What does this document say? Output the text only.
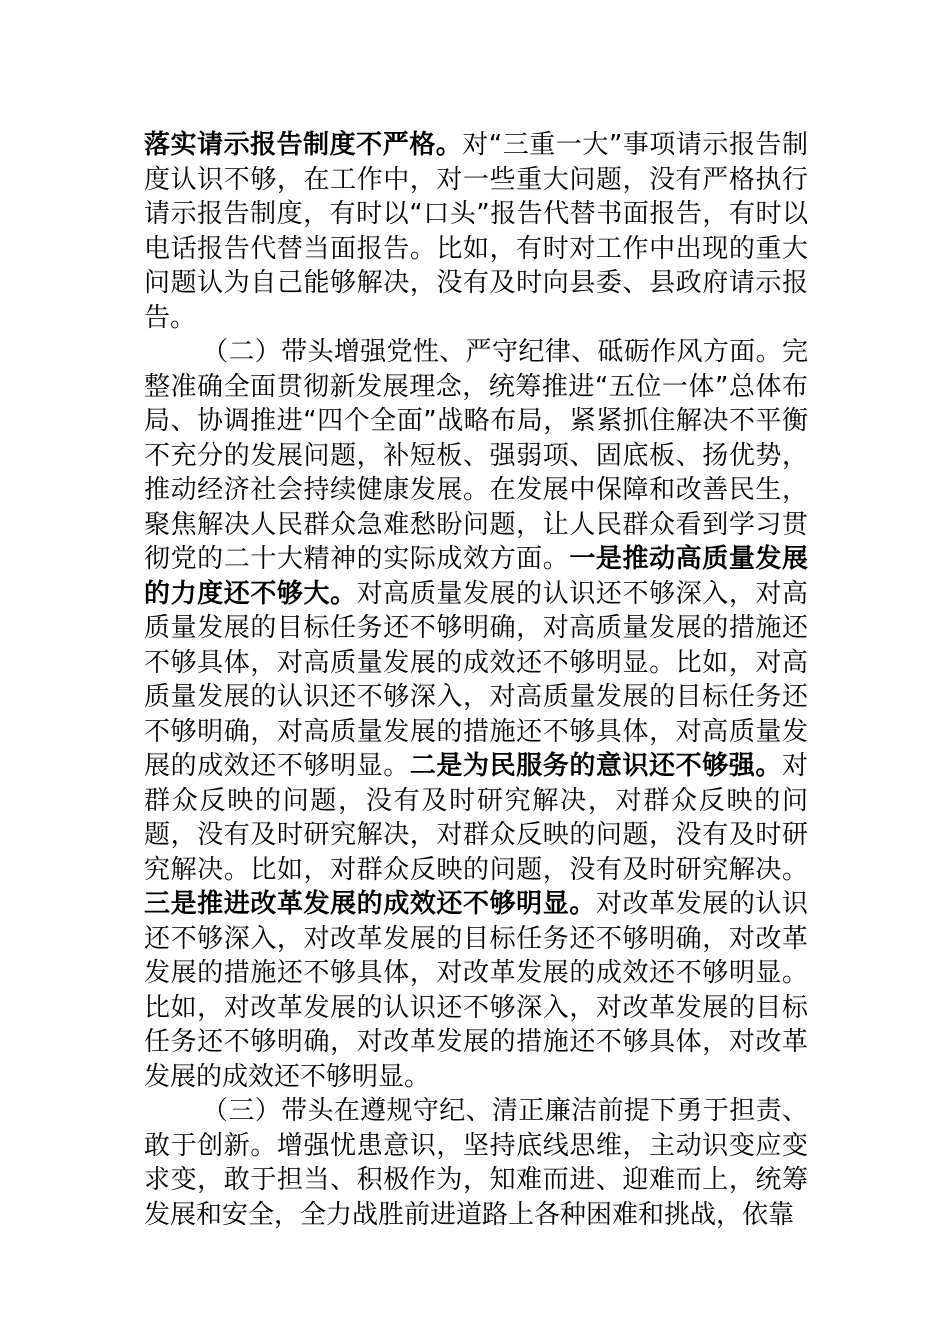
落实请示报告制度不严格。对“三重一大”事项请示报告制度认识不够，在工作中，对一些重大问题，没有严格执行请示报告制度，有时以“口头”报告代替书面报告，有时以电话报告代替当面报告。比如，有时对工作中出现的重大问题认为自己能够解决，没有及时向县委、县政府请示报告。

（二）带头增强党性、严守纪律、砥砺作风方面。完整准确全面贯彻新发展理念，统筹推进“五位一体”总体布局、协调推进“四个全面”战略布局，紧紧抓住解决不平衡不充分的发展问题，补短板、强弱项、固底板、扬优势，推动经济社会持续健康发展。在发展中保障和改善民生，聚焦解决人民群众急难愁盼问题，让人民群众看到学习贯彻党的二十大精神的实际成效方面。一是推动高质量发展的力度还不够大。对高质量发展的认识还不够深入，对高质量发展的目标任务还不够明确，对高质量发展的措施还不够具体，对高质量发展的成效还不够明显。比如，对高质量发展的认识还不够深入，对高质量发展的目标任务还不够明确，对高质量发展的措施还不够具体，对高质量发展的成效还不够明显。二是为民服务的意识还不够强。对群众反映的问题，没有及时研究解决，对群众反映的问题，没有及时研究解决，对群众反映的问题，没有及时研究解决。比如，对群众反映的问题，没有及时研究解决。三是推进改革发展的成效还不够明显。对改革发展的认识还不够深入，对改革发展的目标任务还不够明确，对改革发展的措施还不够具体，对改革发展的成效还不够明显。比如，对改革发展的认识还不够深入，对改革发展的目标任务还不够明确，对改革发展的措施还不够具体，对改革发展的成效还不够明显。

（三）带头在遵规守纪、清正廉洁前提下勇于担责、敢于创新。增强忧患意识，坚持底线思维，主动识变应变求变，敢于担当、积极作为，知难而进、迎难而上，统筹发展和安全，全力战胜前进道路上各种困难和挑战，依靠
